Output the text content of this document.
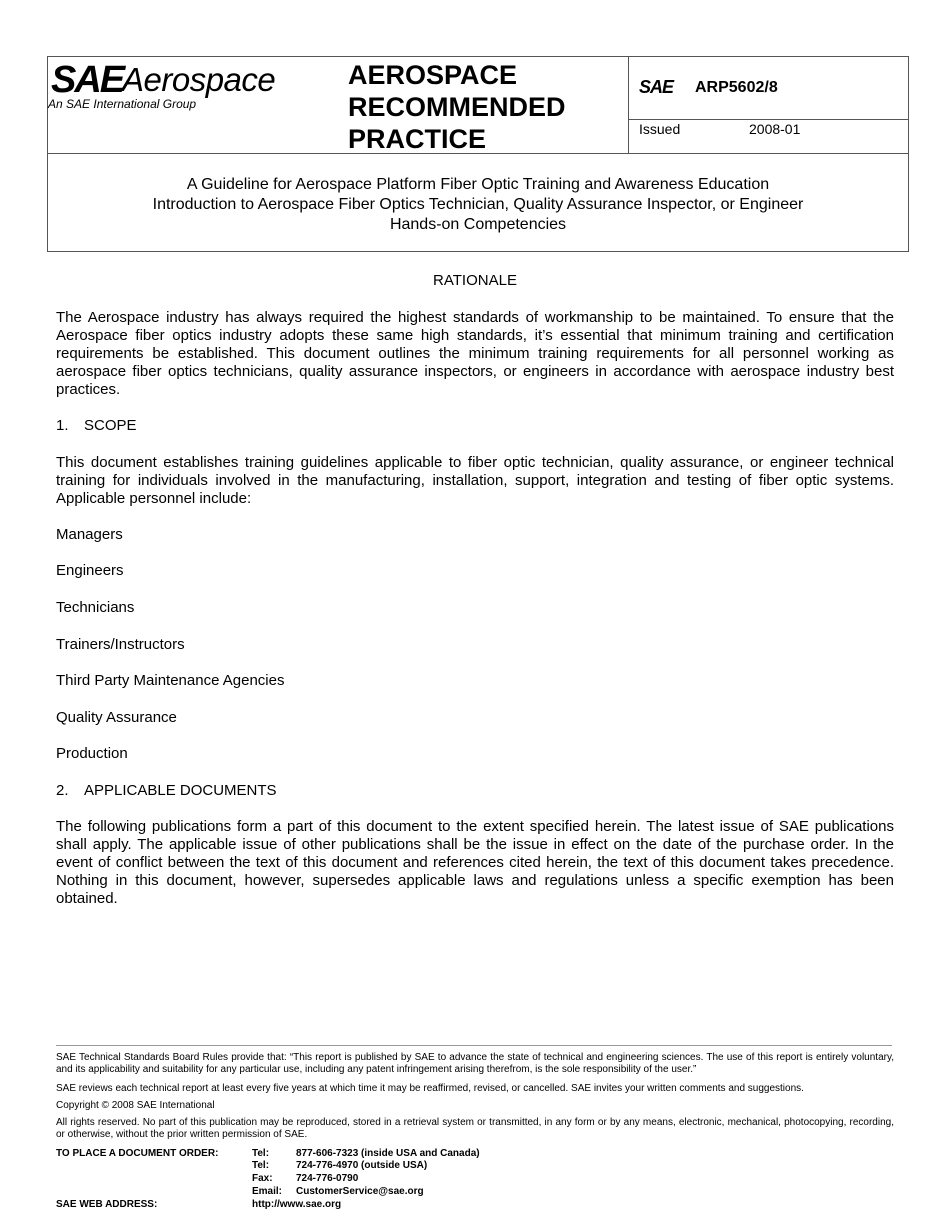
SAE
Aerospace
An SAE International Group
AEROSPACE
RECOMMENDED
PRACTICE
SAE ARP5602/8
Issued	2008-01
A Guideline for Aerospace Platform Fiber Optic Training and Awareness Education
Introduction to Aerospace Fiber Optics Technician, Quality Assurance Inspector, or Engineer
Hands-on Competencies
RATIONALE
The Aerospace industry has always required the highest standards of workmanship to be maintained. To ensure that the Aerospace fiber optics industry adopts these same high standards, it’s essential that minimum training and certification requirements be established. This document outlines the minimum training requirements for all personnel working as aerospace fiber optics technicians, quality assurance inspectors, or engineers in accordance with aerospace industry best practices.
1. SCOPE
This document establishes training guidelines applicable to fiber optic technician, quality assurance, or engineer technical training for individuals involved in the manufacturing, installation, support, integration and testing of fiber optic systems. Applicable personnel include:
Managers
Engineers
Technicians
Trainers/Instructors
Third Party Maintenance Agencies
Quality Assurance
Production
2. APPLICABLE DOCUMENTS
The following publications form a part of this document to the extent specified herein. The latest issue of SAE publications shall apply. The applicable issue of other publications shall be the issue in effect on the date of the purchase order. In the event of conflict between the text of this document and references cited herein, the text of this document takes precedence. Nothing in this document, however, supersedes applicable laws and regulations unless a specific exemption has been obtained.
SAE Technical Standards Board Rules provide that: “This report is published by SAE to advance the state of technical and engineering sciences. The use of this report is entirely voluntary, and its applicability and suitability for any particular use, including any patent infringement arising therefrom, is the sole responsibility of the user.”
SAE reviews each technical report at least every five years at which time it may be reaffirmed, revised, or cancelled. SAE invites your written comments and suggestions.
Copyright © 2008 SAE International
All rights reserved. No part of this publication may be reproduced, stored in a retrieval system or transmitted, in any form or by any means, electronic, mechanical, photocopying, recording, or otherwise, without the prior written permission of SAE.
TO PLACE A DOCUMENT ORDER:	Tel:	877-606-7323 (inside USA and Canada)
Tel:	724-776-4970 (outside USA)
Fax: 724-776-0790
Email: CustomerService@sae.org
SAE WEB ADDRESS:	http://www.sae.org
